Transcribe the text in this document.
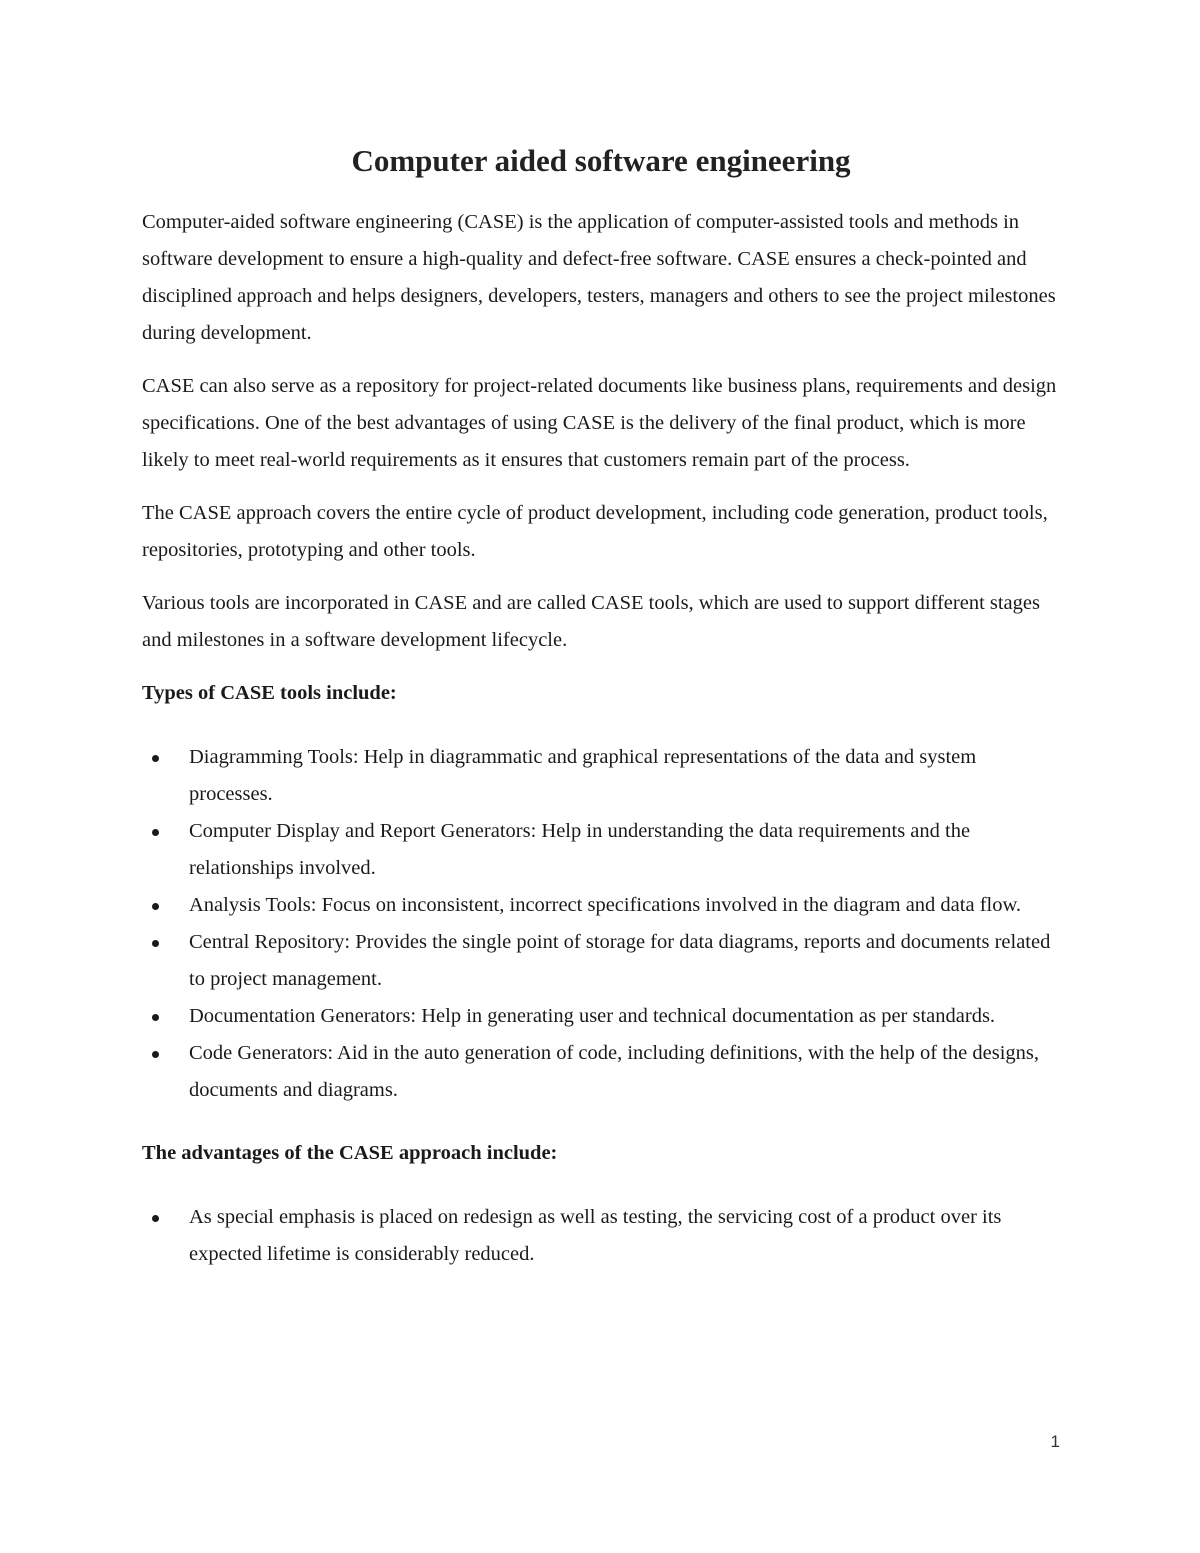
Computer aided software engineering

Computer-aided software engineering (CASE) is the application of computer-assisted tools and methods in software development to ensure a high-quality and defect-free software. CASE ensures a check-pointed and disciplined approach and helps designers, developers, testers, managers and others to see the project milestones during development.

CASE can also serve as a repository for project-related documents like business plans, requirements and design specifications. One of the best advantages of using CASE is the delivery of the final product, which is more likely to meet real-world requirements as it ensures that customers remain part of the process.

The CASE approach covers the entire cycle of product development, including code generation, product tools, repositories, prototyping and other tools.

Various tools are incorporated in CASE and are called CASE tools, which are used to support different stages and milestones in a software development lifecycle.

Types of CASE tools include:
Diagramming Tools: Help in diagrammatic and graphical representations of the data and system processes.
Computer Display and Report Generators: Help in understanding the data requirements and the relationships involved.
Analysis Tools: Focus on inconsistent, incorrect specifications involved in the diagram and data flow.
Central Repository: Provides the single point of storage for data diagrams, reports and documents related to project management.
Documentation Generators: Help in generating user and technical documentation as per standards.
Code Generators: Aid in the auto generation of code, including definitions, with the help of the designs, documents and diagrams.
The advantages of the CASE approach include:
As special emphasis is placed on redesign as well as testing, the servicing cost of a product over its expected lifetime is considerably reduced.
1
